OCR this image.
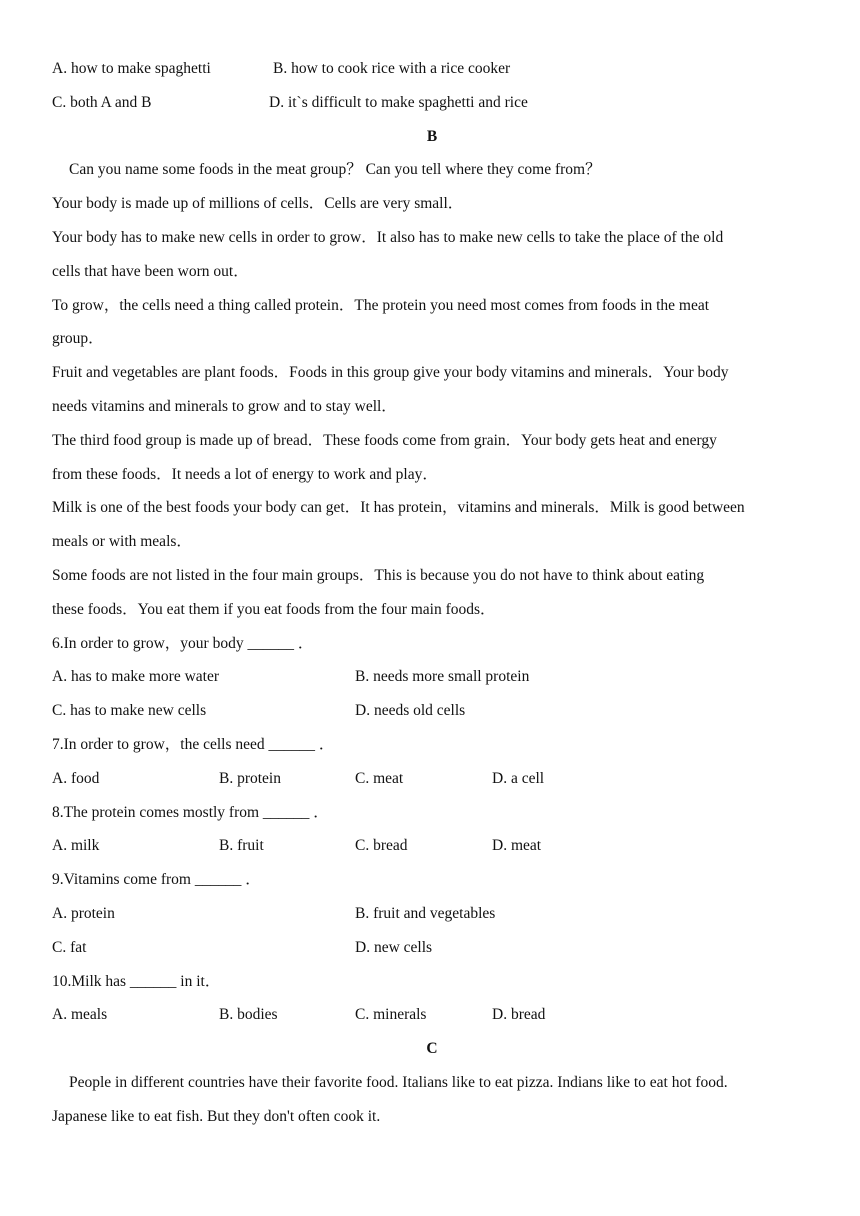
A. how to make spaghetti	B. how to cook rice with a rice cooker
C. both A and B	D. it`s difficult to make spaghetti and rice
B
Can you name some foods in the meat group？ Can you tell where they come from？
Your body is made up of millions of cells．Cells are very small．
Your body has to make new cells in order to grow．It also has to make new cells to take the place of the old
cells that have been worn out．
To grow，the cells need a thing called protein．The protein you need most comes from foods in the meat
group．
Fruit and vegetables are plant foods．Foods in this group give your body vitamins and minerals．Your body
needs vitamins and minerals to grow and to stay well．
The third food group is made up of bread．These foods come from grain．Your body gets heat and energy
from these foods．It needs a lot of energy to work and play．
Milk is one of the best foods your body can get．It has protein，vitamins and minerals．Milk is good between
meals or with meals．
Some foods are not listed in the four main groups．This is because you do not have to think about eating
these foods．You eat them if you eat foods from the four main foods．
6.In order to grow，your body ______ ．
A. has to make more water	B. needs more small protein
C. has to make new cells	D. needs old cells
7.In order to grow，the cells need ______ ．
A. food	B. protein	C. meat	D. a cell
8.The protein comes mostly from ______ ．
A. milk	B. fruit	C. bread	D. meat
9.Vitamins come from ______ ．
A. protein	B. fruit and vegetables
C. fat	D. new cells
10.Milk has ______ in it．
A. meals	B. bodies	C. minerals	D. bread
C
People in different countries have their favorite food. Italians like to eat pizza. Indians like to eat hot food.
Japanese like to eat fish. But they don't often cook it.
